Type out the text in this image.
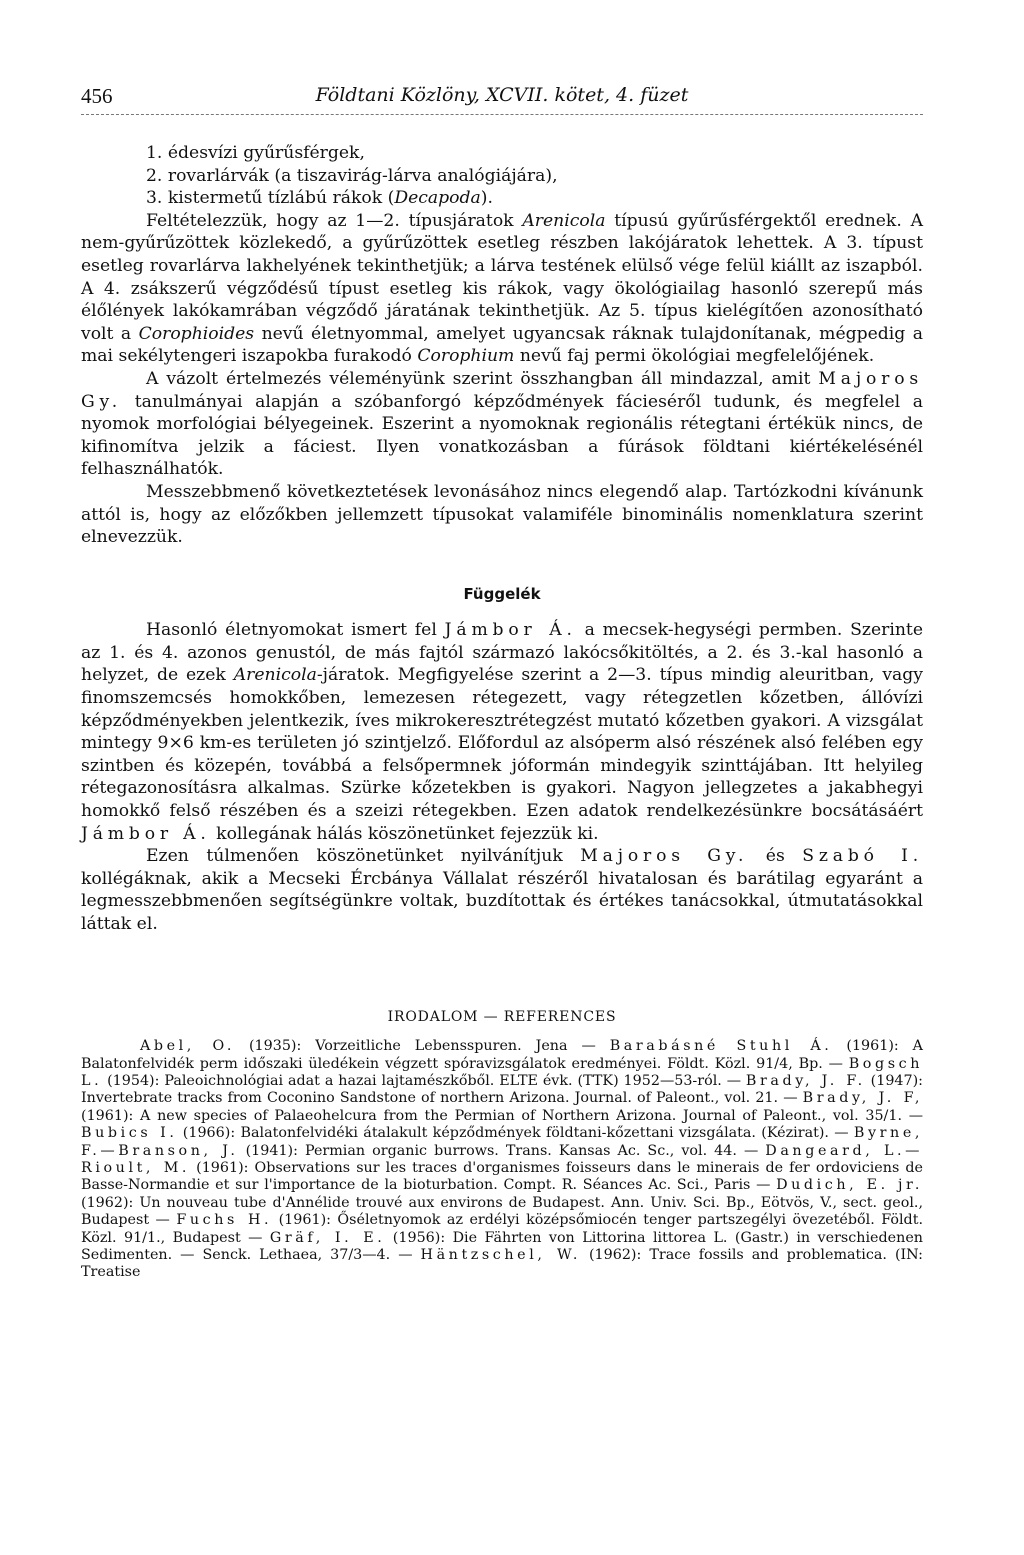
456	Földtani Közlöny, XCVII. kötet, 4. füzet
1. édesvízi gyűrűsférgek,
2. rovarlárvák (a tiszavirág-lárva analógiájára),
3. kistermetű tízlábú rákok (Decapoda).

Feltételezzük, hogy az 1—2. típusjáratok Arenicola típusú gyűrűsférgektől erednek. A nem-gyűrűzöttek közlekedő, a gyűrűzöttek esetleg részben lakójáratok lehettek. A 3. típust esetleg rovarlárva lakhelyének tekinthetjük; a lárva testének elülső vége felül kiállt az iszapból. A 4. zsákszerű végződésű típust esetleg kis rákok, vagy ökológiailag hasonló szerepű más élőlények lakókamrában végződő járatának tekinthetjük. Az 5. típus kielégítően azonosítható volt a Corophioides nevű életnyommal, amelyet ugyancsak ráknak tulajdonítanak, mégpedig a mai sekélytengeri iszapokba furakodó Corophium nevű faj permi ökológiai megfelelőjének.

A vázolt értelmezés véleményünk szerint összhangban áll mindazzal, amit Majoros Gy. tanulmányai alapján a szóbanforgó képződmények fácieséről tudunk, és megfelel a nyomok morfológiai bélyegeinek. Eszerint a nyomoknak regionális rétegtani értékük nincs, de kifinomítva jelzik a fáciest. Ilyen vonatkozásban a fúrások földtani kiértékelésénél felhasználhatók.

Messzebbmenő következtetések levonásához nincs elegendő alap. Tartózkodni kívánunk attól is, hogy az előzőkben jellemzett típusokat valamiféle binominális nomenklatura szerint elnevezzük.

Függelék

Hasonló életnyomokat ismert fel Jámbor Á. a mecsek-hegységi permben. Szerinte az 1. és 4. azonos genustól, de más fajtól származó lakócsőkitöltés, a 2. és 3.-kal hasonló a helyzet, de ezek Arenicola-járatok. Megfigyelése szerint a 2—3. típus mindig aleuritban, vagy finomszemcsés homokkőben, lemezesen rétegezett, vagy rétegzetlen kőzetben, állóvízi képződményekben jelentkezik, íves mikrokeresztrétegzést mutató kőzetben gyakori. A vizsgálat mintegy 9×6 km-es területen jó szintjelző. Előfordul az alsóperm alsó részének alsó felében egy szintben és közepén, továbbá a felsőpermnek jóformán mindegyik szinttájában. Itt helyileg rétegazonosításra alkalmas. Szürke kőzetekben is gyakori. Nagyon jellegzetes a jakabhegyi homokkő felső részében és a szeizi rétegekben. Ezen adatok rendelkezésünkre bocsátásáért Jámbor Á. kollegának hálás köszönetünket fejezzük ki.

Ezen túlmenően köszönetünket nyilvánítjuk Majoros Gy. és Szabó I. kollégáknak, akik a Mecseki Ércbánya Vállalat részéről hivatalosan és barátilag egyaránt a legmesszebbmenően segítségünkre voltak, buzdítottak és értékes tanácsokkal, útmutatásokkal láttak el.

IRODALOM — REFERENCES

Abel, O. (1935): Vorzeitliche Lebensspuren. Jena — Barabásné Stuhl Á. (1961): A Balatonfelvidék perm időszaki üledékein végzett spóravizsgálatok eredményei. Földt. Közl. 91/4, Bp. — Bogsch L. (1954): Paleoichnológiai adat a hazai lajtamészkőből. ELTE évk. (TTK) 1952—53-ról. — Brady, J. F. (1947): Invertebrate tracks from Coconino Sandstone of northern Arizona. Journal. of Paleont., vol. 21. — Brady, J. F, (1961): A new species of Palaeohelcura from the Permian of Northern Arizona. Journal of Paleont., vol. 35/1. — Bubics I. (1966): Balatonfelvidéki átalakult képződmények földtani-kőzettani vizsgálata. (Kézirat). — Byrne, F.—Branson, J. (1941): Permian organic burrows. Trans. Kansas Ac. Sc., vol. 44. — Dangeard, L.—Rioult, M. (1961): Observations sur les traces d'organismes foisseurs dans le minerais de fer ordoviciens de Basse-Normandie et sur l'importance de la bioturbation. Compt. R. Séances Ac. Sci., Paris — Dudich, E. jr. (1962): Un nouveau tube d'Annélide trouvé aux environs de Budapest. Ann. Univ. Sci. Bp., Eötvös, V., sect. geol., Budapest — Fuchs H. (1961): Őséletnyomok az erdélyi középsőmiocén tenger partszegélyi övezetéből. Földt. Közl. 91/1., Budapest — Gräf, I. E. (1956): Die Fährten von Littorina littorea L. (Gastr.) in verschiedenen Sedimenten. — Senck. Lethaea, 37/3—4. — Häntzschel, W. (1962): Trace fossils and problematica. (IN: Treatise
